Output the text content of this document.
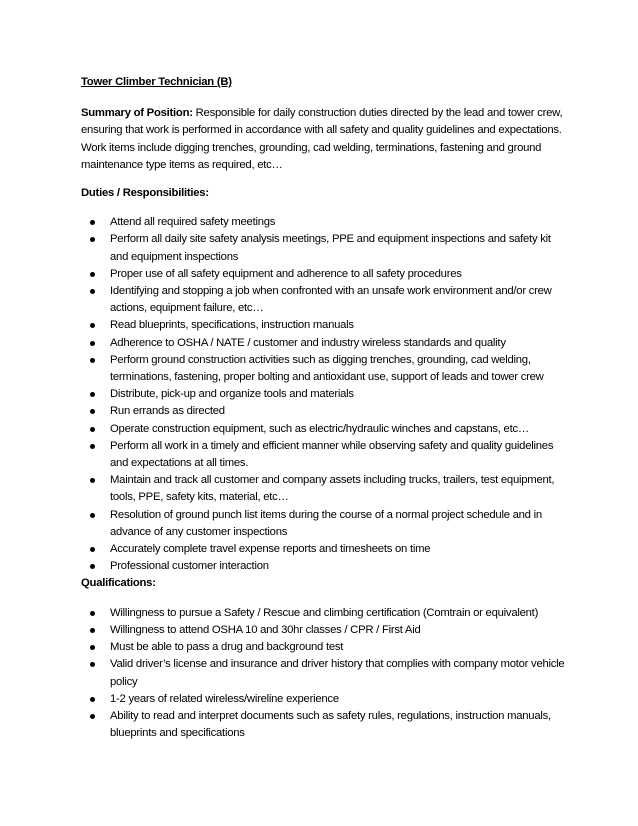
Tower Climber Technician (B)

Summary of Position: Responsible for daily construction duties directed by the lead and tower crew, ensuring that work is performed in accordance with all safety and quality guidelines and expectations. Work items include digging trenches, grounding, cad welding, terminations, fastening and ground maintenance type items as required, etc…

Duties / Responsibilities:
Attend all required safety meetings
Perform all daily site safety analysis meetings, PPE and equipment inspections and safety kit and equipment inspections
Proper use of all safety equipment and adherence to all safety procedures
Identifying and stopping a job when confronted with an unsafe work environment and/or crew actions, equipment failure, etc…
Read blueprints, specifications, instruction manuals
Adherence to OSHA / NATE / customer and industry wireless standards and quality
Perform ground construction activities such as digging trenches, grounding, cad welding, terminations, fastening, proper bolting and antioxidant use, support of leads and tower crew
Distribute, pick-up and organize tools and materials
Run errands as directed
Operate construction equipment, such as electric/hydraulic winches and capstans, etc…
Perform all work in a timely and efficient manner while observing safety and quality guidelines and expectations at all times.
Maintain and track all customer and company assets including trucks, trailers, test equipment, tools, PPE, safety kits, material, etc…
Resolution of ground punch list items during the course of a normal project schedule and in advance of any customer inspections
Accurately complete travel expense reports and timesheets on time
Professional customer interaction
Qualifications:
Willingness to pursue a Safety / Rescue and climbing certification (Comtrain or equivalent)
Willingness to attend OSHA 10 and 30hr classes / CPR / First Aid
Must be able to pass a drug and background test
Valid driver’s license and insurance and driver history that complies with company motor vehicle policy
1-2 years of related wireless/wireline experience
Ability to read and interpret documents such as safety rules, regulations, instruction manuals, blueprints and specifications
